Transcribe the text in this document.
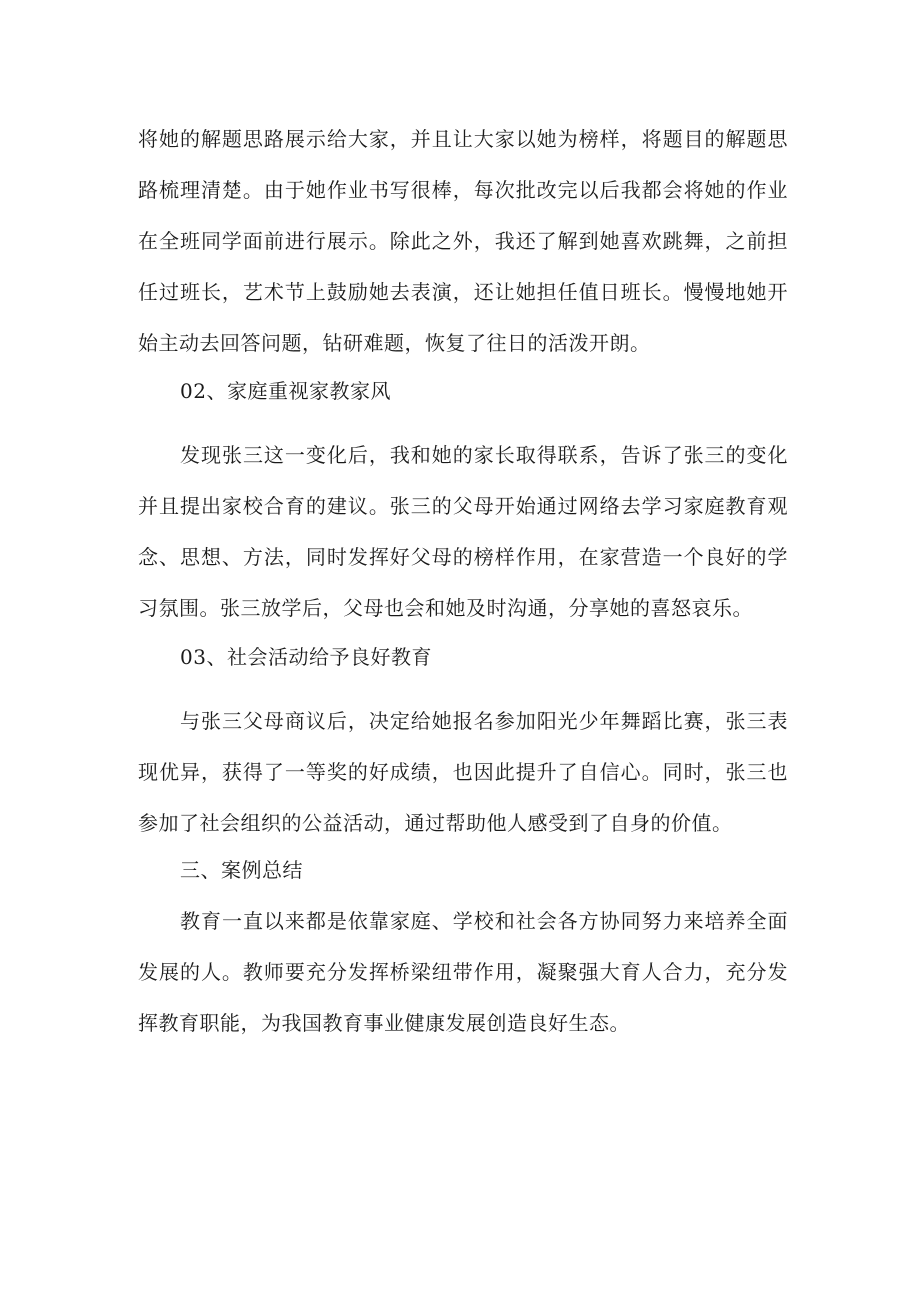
将她的解题思路展示给大家，并且让大家以她为榜样，将题目的解题思路梳理清楚。由于她作业书写很棒，每次批改完以后我都会将她的作业在全班同学面前进行展示。除此之外，我还了解到她喜欢跳舞，之前担任过班长，艺术节上鼓励她去表演，还让她担任值日班长。慢慢地她开始主动去回答问题，钻研难题，恢复了往日的活泼开朗。

02、家庭重视家教家风

发现张三这一变化后，我和她的家长取得联系，告诉了张三的变化并且提出家校合育的建议。张三的父母开始通过网络去学习家庭教育观念、思想、方法，同时发挥好父母的榜样作用，在家营造一个良好的学习氛围。张三放学后，父母也会和她及时沟通，分享她的喜怒哀乐。

03、社会活动给予良好教育

与张三父母商议后，决定给她报名参加阳光少年舞蹈比赛，张三表现优异，获得了一等奖的好成绩，也因此提升了自信心。同时，张三也参加了社会组织的公益活动，通过帮助他人感受到了自身的价值。

三、案例总结

教育一直以来都是依靠家庭、学校和社会各方协同努力来培养全面发展的人。教师要充分发挥桥梁纽带作用，凝聚强大育人合力，充分发挥教育职能，为我国教育事业健康发展创造良好生态。
